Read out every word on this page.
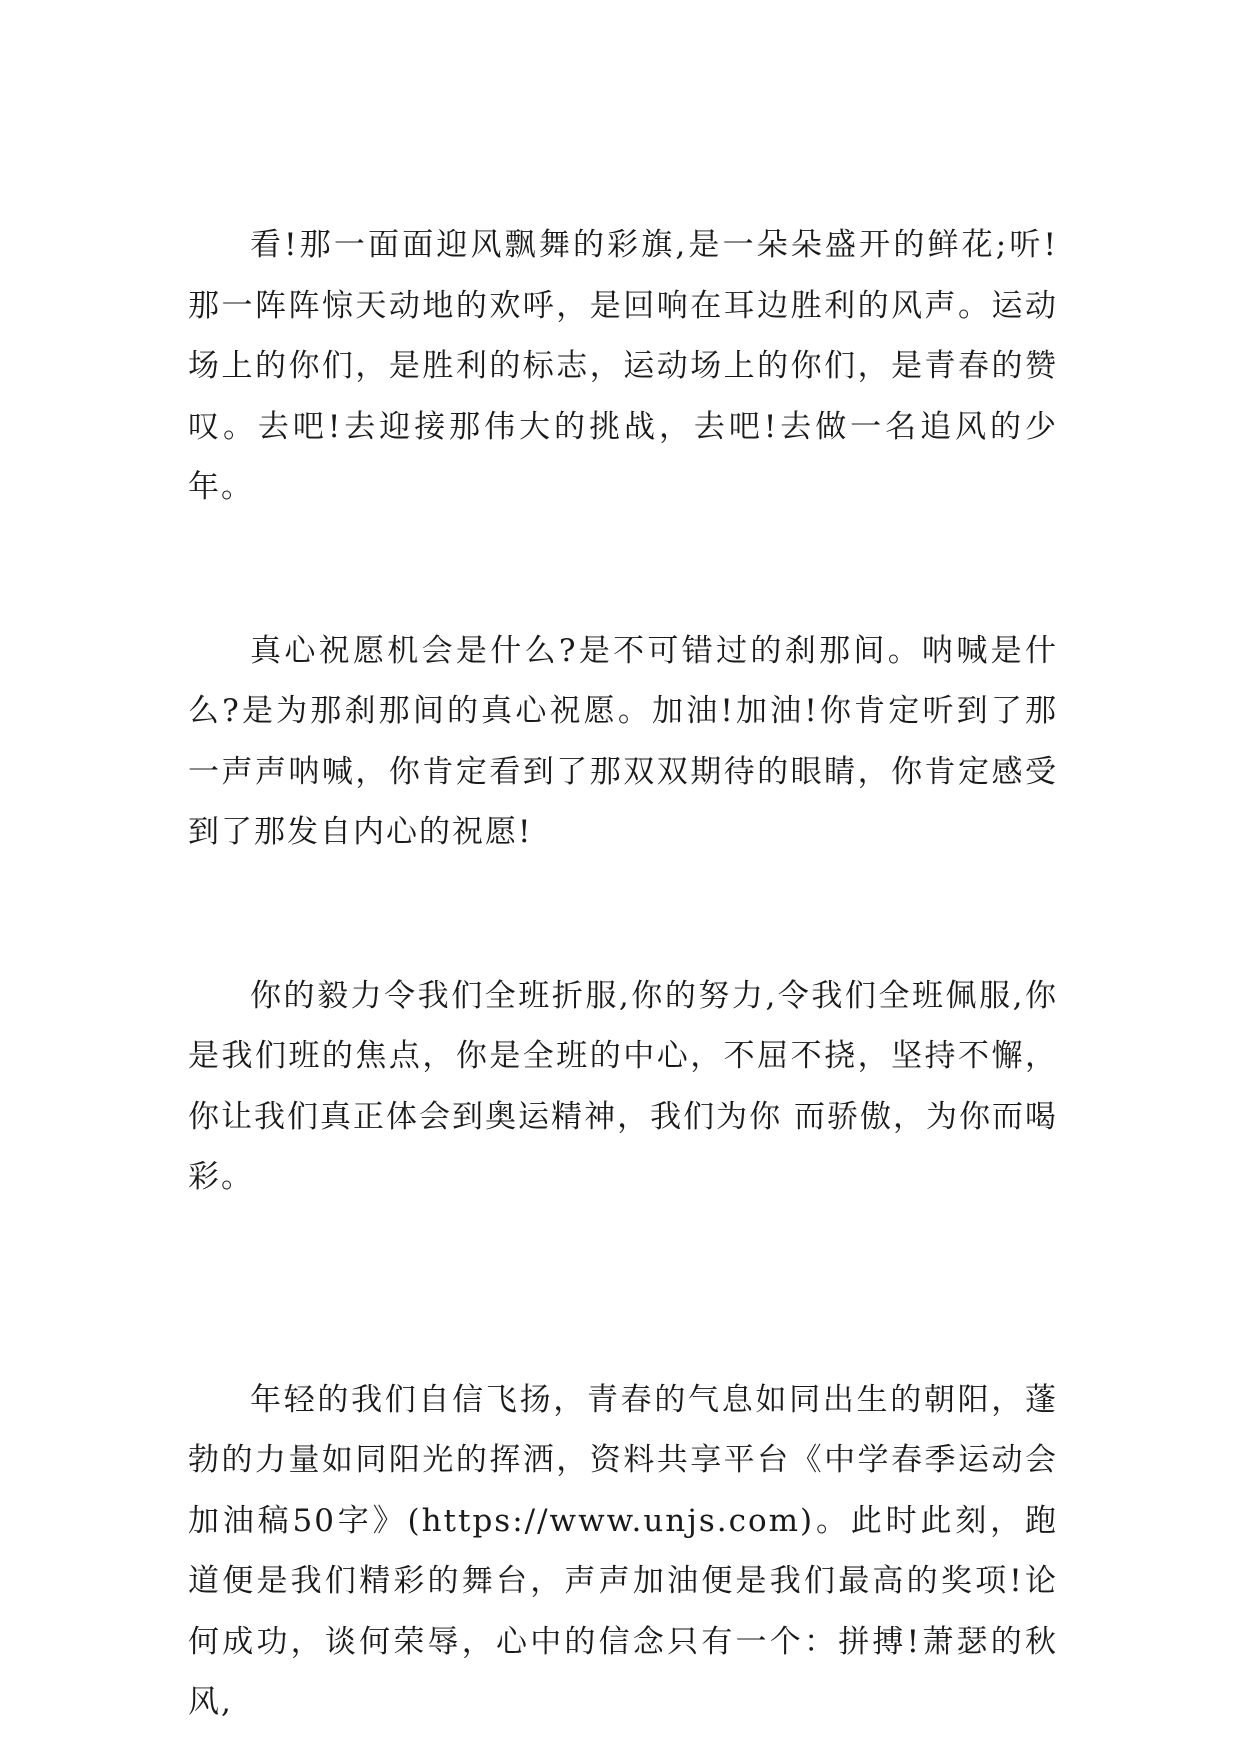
看!那一面面迎风飘舞的彩旗,是一朵朵盛开的鲜花;听!那一阵阵惊天动地的欢呼，是回响在耳边胜利的风声。运动场上的你们，是胜利的标志，运动场上的你们，是青春的赞叹。去吧!去迎接那伟大的挑战，去吧!去做一名追风的少年。

真心祝愿机会是什么?是不可错过的刹那间。呐喊是什么?是为那刹那间的真心祝愿。加油!加油!你肯定听到了那一声声呐喊，你肯定看到了那双双期待的眼睛，你肯定感受到了那发自内心的祝愿!

你的毅力令我们全班折服,你的努力,令我们全班佩服,你是我们班的焦点，你是全班的中心，不屈不挠，坚持不懈，你让我们真正体会到奥运精神，我们为你 而骄傲，为你而喝彩。

年轻的我们自信飞扬，青春的气息如同出生的朝阳，蓬勃的力量如同阳光的挥洒，资料共享平台《中学春季运动会加油稿50字》(https://www.unjs.com)。此时此刻，跑道便是我们精彩的舞台，声声加油便是我们最高的奖项!论何成功，谈何荣辱，心中的信念只有一个：拼搏!萧瑟的秋风,
